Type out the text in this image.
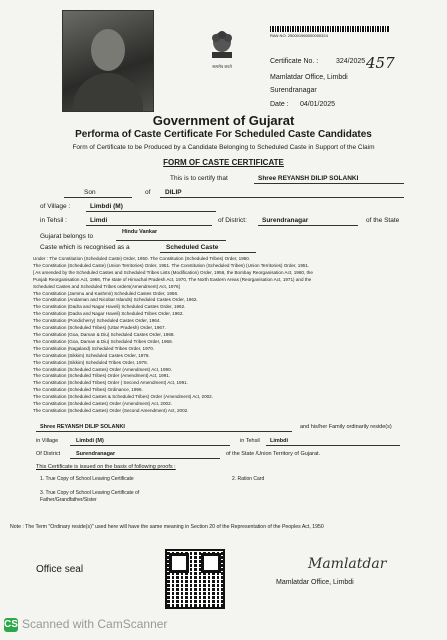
सत्यमेव जयते
RAN NO: 250001960000000324
Certificate No. :	324/2025 457
Mamlatdar Office, Limbdi
Surendranagar
Date : 04/01/2025
Government of Gujarat
Performa of Caste Certificate For Scheduled Caste Candidates
Form of Certificate to be Produced by a Candidate Belonging to Scheduled Caste in Support of the Claim
FORM OF CASTE CERTIFICATE
This is to certify that	Shree REYANSH DILIP SOLANKI
Son	of DILIP
of Village :	Limbdi (M)
in Tehsil :	Limdi	of District: Surendranagar	of the State
Gujarat belongs to
Hindu Vankar
Caste which is recognised as a	Scheduled Caste
Under : The Constitution (Scheduled Caste) Order, 1950. The Constitution (Scheduled Tribes) Order, 1950.
The Constitution (Scheduled Caste) (Union Territories) Order, 1951. The Constitution (Scheduled Tribes) (Union Territories) Order, 1951.
[ As amended by the Scheduled Castes and Scheduled Tribes Lists (Modification) Order, 1956, the Bombay Reorganisation Act, 1960, the
Punjab Reorganisation Act, 1966, The state of Himachal Pradesh Act, 1970, The North Eastern Areas (Reorganisation Act, 1971) and the
Scheduled Castes and Scheduled Tribes orders(Amendment) Act, 1976]
The Constitution (Jammu and Kashmir) Scheduled Castes Order, 1956.
The Constitution (Andaman and Nicobar Islands) Scheduled Castes Order, 1962.
The Constitution (Dadra and Nagar Haveli) Scheduled Castes Order, 1962.
The Constitution (Dadra and Nagar Haveli) Scheduled Tribes Order, 1962.
The Constitution (Pondicherry) Scheduled Castes Order, 1964.
The Constitution (Scheduled Tribes) (Uttar Pradesh) Order, 1967.
The Constitution (Goa, Daman & Diu) Scheduled Castes Order, 1968.
The Constitution (Goa, Daman & Diu) Scheduled Tribes Order, 1968.
The Constitution (Nagaland) Scheduled Tribes Order, 1970.
The Constitution (Sikkim) Scheduled Castes Order, 1978.
The Constitution (Sikkim) Scheduled Tribes Order, 1978.
The Constitution (Scheduled Castes) Order (Amendment) Act, 1990.
The Constitution (Scheduled Tribes) Order (Amendment) Act, 1991.
The Constitution (Scheduled Tribes) Order ( Second Amendment) Act, 1991.
The Constitution (Scheduled Tribes) Ordinance, 1996.
The Constitution (Scheduled Castes & Scheduled Tribes) Order (Amendment) Act, 2002.
The Constitution (Scheduled Castes) Order (Amendment) Act, 2002.
The Constitution (Scheduled Castes) Order (Second Amendment) Act, 2002.
Shree REYANSH DILIP SOLANKI	and his/her Family ordinarily reside(s)
in Village	Limbdi (M)	in Tehsil Limbdi
Of District	Surendranagar	of the State /Union Territory of Gujarat.
This Certificate is issued on the basis of following proofs :
1. True Copy of School Leaving Certificate	2. Ration Card
3. True Copy of School Leaving Certificate of Father/Grandfather/Sister
Note : The Term "Ordinary reside(s)" used here will have the same meaning in Section 20 of the Representation of the Peoples Act, 1950
Office seal	Mamlatdar
Mamlatdar Office, Limbdi
CS Scanned with CamScanner
